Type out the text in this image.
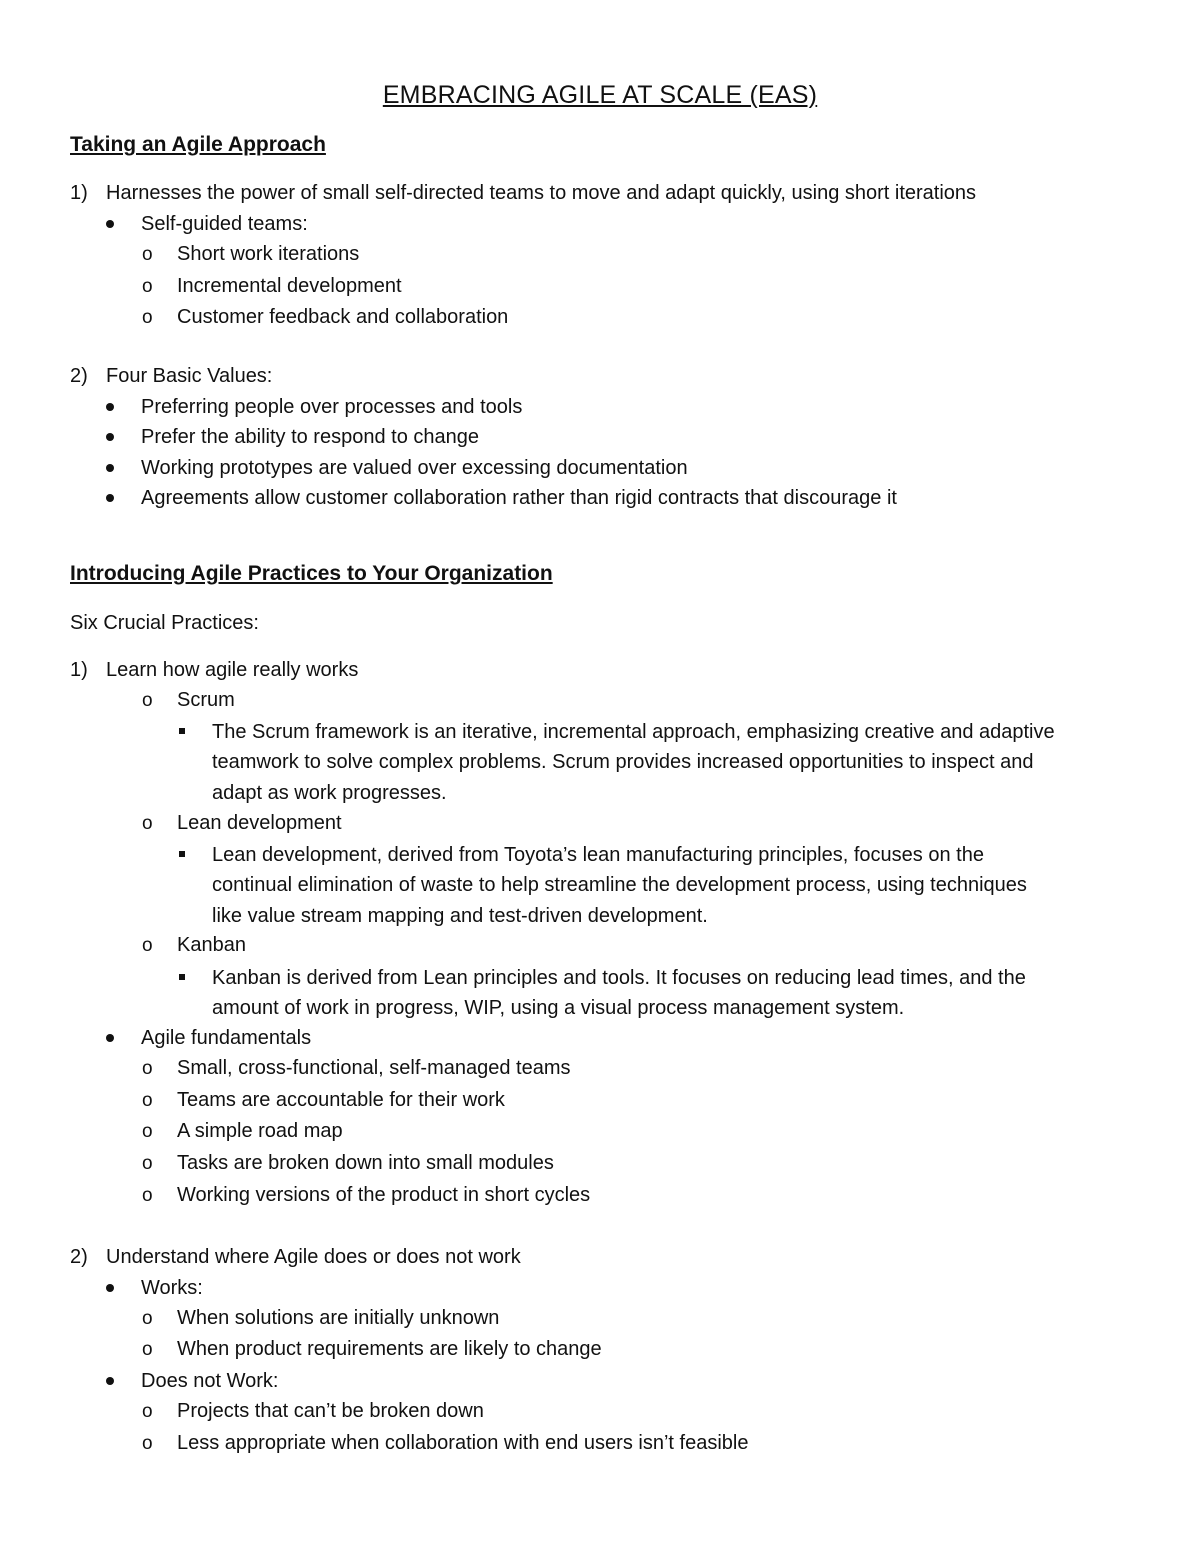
EMBRACING AGILE AT SCALE (EAS)
Taking an Agile Approach
1) Harnesses the power of small self-directed teams to move and adapt quickly, using short iterations
Self-guided teams:
o Short work iterations
o Incremental development
o Customer feedback and collaboration
2) Four Basic Values:
Preferring people over processes and tools
Prefer the ability to respond to change
Working prototypes are valued over excessing documentation
Agreements allow customer collaboration rather than rigid contracts that discourage it
Introducing Agile Practices to Your Organization
Six Crucial Practices:
1) Learn how agile really works
o Scrum
The Scrum framework is an iterative, incremental approach, emphasizing creative and adaptive
teamwork to solve complex problems. Scrum provides increased opportunities to inspect and
adapt as work progresses.
o Lean development
Lean development, derived from Toyota’s lean manufacturing principles, focuses on the
continual elimination of waste to help streamline the development process, using techniques
like value stream mapping and test-driven development.
o Kanban
Kanban is derived from Lean principles and tools. It focuses on reducing lead times, and the
amount of work in progress, WIP, using a visual process management system.
Agile fundamentals
o Small, cross-functional, self-managed teams
o Teams are accountable for their work
o A simple road map
o Tasks are broken down into small modules
o Working versions of the product in short cycles
2) Understand where Agile does or does not work
Works:
o When solutions are initially unknown
o When product requirements are likely to change
Does not Work:
o Projects that can’t be broken down
o Less appropriate when collaboration with end users isn’t feasible
